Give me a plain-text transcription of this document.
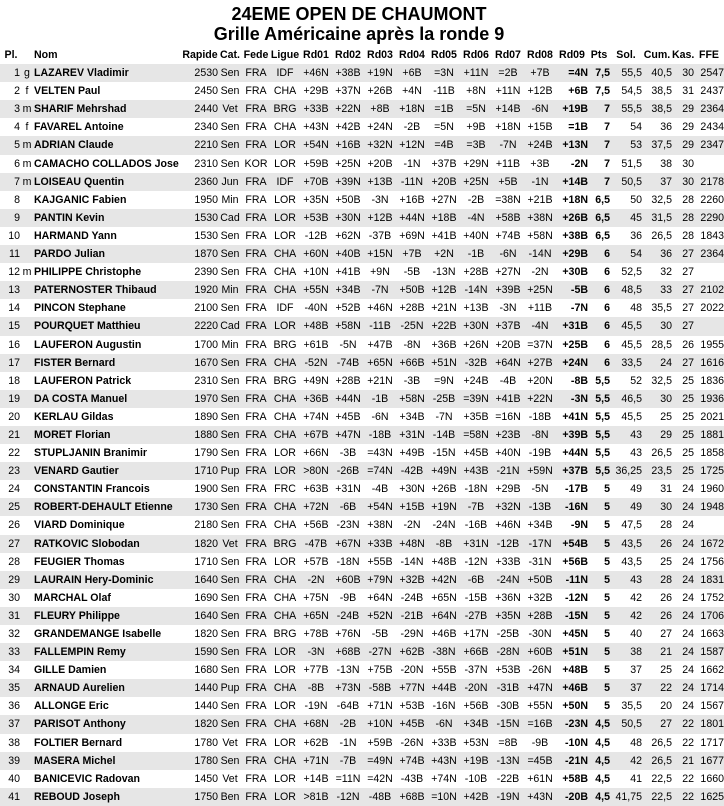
24EME OPEN DE CHAUMONT
Grille Américaine après la ronde 9
Pl.		Nom	Rapide	Cat.	Fede	Ligue	Rd01	Rd02	Rd03	Rd04	Rd05	Rd06	Rd07	Rd08	Rd09	Pts	Sol.	Cum.	Kas.	FFE
1	g	LAZAREV Vladimir	2530	Sen	FRA	IDF	+46N	+38B	+19N	+6B	=3N	+11N	=2B	+7B	=4N	7,5	55,5	40,5	30	2547
2	f	VELTEN Paul	2450	Sen	FRA	CHA	+29B	+37N	+26B	+4N	-11B	+8N	+11N	+12B	+6B	7,5	54,5	38,5	31	2437
3	m	SHARIF Mehrshad	2440	Vet	FRA	BRG	+33B	+22N	+8B	+18N	=1B	=5N	+14B	-6N	+19B	7	55,5	38,5	29	2364
4	f	FAVAREL Antoine	2340	Sen	FRA	CHA	+43N	+42B	+24N	-2B	=5N	+9B	+18N	+15B	=1B	7	54	36	29	2434
5	m	ADRIAN Claude	2210	Sen	FRA	LOR	+54N	+16B	+32N	+12N	=4B	=3B	-7N	+24B	+13N	7	53	37,5	29	2347
6	m	CAMACHO COLLADOS Jose	2310	Sen	KOR	LOR	+59B	+25N	+20B	-1N	+37B	+29N	+11B	+3B	-2N	7	51,5	38	30	
7	m	LOISEAU Quentin	2360	Jun	FRA	IDF	+70B	+39N	+13B	-11N	+20B	+25N	+5B	-1N	+14B	7	50,5	37	30	2178
8		KAJGANIC Fabien	1950	Min	FRA	LOR	+35N	+50B	-3N	+16B	+27N	-2B	=38N	+21B	+18N	6,5	50	32,5	28	2260
9		PANTIN Kevin	1530	Cad	FRA	LOR	+53B	+30N	+12B	+44N	+18B	-4N	+58B	+38N	+26B	6,5	45	31,5	28	2290
10		HARMAND Yann	1530	Sen	FRA	LOR	-12B	+62N	-37B	+69N	+41B	+40N	+74B	+58N	+38B	6,5	36	26,5	28	1843
11		PARDO Julian	1870	Sen	FRA	CHA	+60N	+40B	+15N	+7B	+2N	-1B	-6N	-14N	+29B	6	54	36	27	2364
12	m	PHILIPPE Christophe	2390	Sen	FRA	CHA	+10N	+41B	+9N	-5B	-13N	+28B	+27N	-2N	+30B	6	52,5	32	27	
13		PATERNOSTER Thibaud	1920	Min	FRA	CHA	+55N	+34B	-7N	+50B	+12B	-14N	+39B	+25N	-5B	6	48,5	33	27	2102
14		PINCON Stephane	2100	Sen	FRA	IDF	-40N	+52B	+46N	+28B	+21N	+13B	-3N	+11B	-7N	6	48	35,5	27	2022
15		POURQUET Matthieu	2220	Cad	FRA	LOR	+48B	+58N	-11B	-25N	+22B	+30N	+37B	-4N	+31B	6	45,5	30	27	
16		LAUFERON Augustin	1700	Min	FRA	BRG	+61B	-5N	+47B	-8N	+36B	+26N	+20B	=37N	+25B	6	45,5	28,5	26	1955
17		FISTER Bernard	1670	Sen	FRA	CHA	-52N	-74B	+65N	+66B	+51N	-32B	+64N	+27B	+24N	6	33,5	24	27	1616
18		LAUFERON Patrick	2310	Sen	FRA	BRG	+49N	+28B	+21N	-3B	=9N	+24B	-4B	+20N	-8B	5,5	52	32,5	25	1836
19		DA COSTA Manuel	1970	Sen	FRA	CHA	+36B	+44N	-1B	+58N	-25B	=39N	+41B	+22N	-3N	5,5	46,5	30	25	1936
20		KERLAU Gildas	1890	Sen	FRA	CHA	+74N	+45B	-6N	+34B	-7N	+35B	=16N	-18B	+41N	5,5	45,5	25	25	2021
21		MORET Florian	1880	Sen	FRA	CHA	+67B	+47N	-18B	+31N	-14B	=58N	+23B	-8N	+39B	5,5	43	29	25	1881
22		STUPLJANIN Branimir	1790	Sen	FRA	LOR	+66N	-3B	=43N	+49B	-15N	+45B	+40N	-19B	+44N	5,5	43	26,5	25	1858
23		VENARD Gautier	1710	Pup	FRA	LOR	>80N	-26B	=74N	-42B	+49N	+43B	-21N	+59N	+37B	5,5	36,25	23,5	25	1725
24		CONSTANTIN Francois	1900	Sen	FRA	FRC	+63B	+31N	-4B	+30N	+26B	-18N	+29B	-5N	-17B	5	49	31	24	1960
25		ROBERT-DEHAULT Etienne	1730	Sen	FRA	CHA	+72N	-6B	+54N	+15B	+19N	-7B	+32N	-13B	-16N	5	49	30	24	1948
26		VIARD Dominique	2180	Sen	FRA	CHA	+56B	-23N	+38N	-2N	-24N	-16B	+46N	+34B	-9N	5	47,5	28	24	
27		RATKOVIC Slobodan	1820	Vet	FRA	BRG	-47B	+67N	+33B	+48N	-8B	+31N	-12B	-17N	+54B	5	43,5	26	24	1672
28		FEUGIER Thomas	1710	Sen	FRA	LOR	+57B	-18N	+55B	-14N	+48B	-12N	+33B	-31N	+56B	5	43,5	25	24	1756
29		LAURAIN Hery-Dominic	1640	Sen	FRA	CHA	-2N	+60B	+79N	+32B	+42N	-6B	-24N	+50B	-11N	5	43	28	24	1831
30		MARCHAL Olaf	1690	Sen	FRA	CHA	+75N	-9B	+64N	-24B	+65N	-15B	+36N	+32B	-12N	5	42	26	24	1752
31		FLEURY Philippe	1640	Sen	FRA	CHA	+65N	-24B	+52N	-21B	+64N	-27B	+35N	+28B	-15N	5	42	26	24	1706
32		GRANDEMANGE Isabelle	1820	Sen	FRA	BRG	+78B	+76N	-5B	-29N	+46B	+17N	-25B	-30N	+45N	5	40	27	24	1663
33		FALLEMPIN Remy	1590	Sen	FRA	LOR	-3N	+68B	-27N	+62B	-38N	+66B	-28N	+60B	+51N	5	38	21	24	1587
34		GILLE Damien	1680	Sen	FRA	LOR	+77B	-13N	+75B	-20N	+55B	-37N	+53B	-26N	+48B	5	37	25	24	1662
35		ARNAUD Aurelien	1440	Pup	FRA	CHA	-8B	+73N	-58B	+77N	+44B	-20N	-31B	+47N	+46B	5	37	22	24	1714
36		ALLONGE Eric	1440	Sen	FRA	LOR	-19N	-64B	+71N	+53B	-16N	+56B	-30B	+55N	+50N	5	35,5	20	24	1567
37		PARISOT Anthony	1820	Sen	FRA	CHA	+68N	-2B	+10N	+45B	-6N	+34B	-15N	=16B	-23N	4,5	50,5	27	22	1801
38		FOLTIER Bernard	1780	Vet	FRA	LOR	+62B	-1N	+59B	-26N	+33B	+53N	=8B	-9B	-10N	4,5	48	26,5	22	1717
39		MASERA Michel	1780	Sen	FRA	CHA	+71N	-7B	=49N	+74B	+43N	+19B	-13N	=45B	-21N	4,5	42	26,5	21	1677
40		BANICEVIC Radovan	1450	Vet	FRA	LOR	+14B	=11N	=42N	-43B	+74N	-10B	-22B	+61N	+58B	4,5	41	22,5	22	1660
41		REBOUD Joseph	1750	Ben	FRA	LOR	>81B	-12N	-48B	+68B	=10N	+42B	-19N	+43N	-20B	4,5	41,75	22,5	22	1625
